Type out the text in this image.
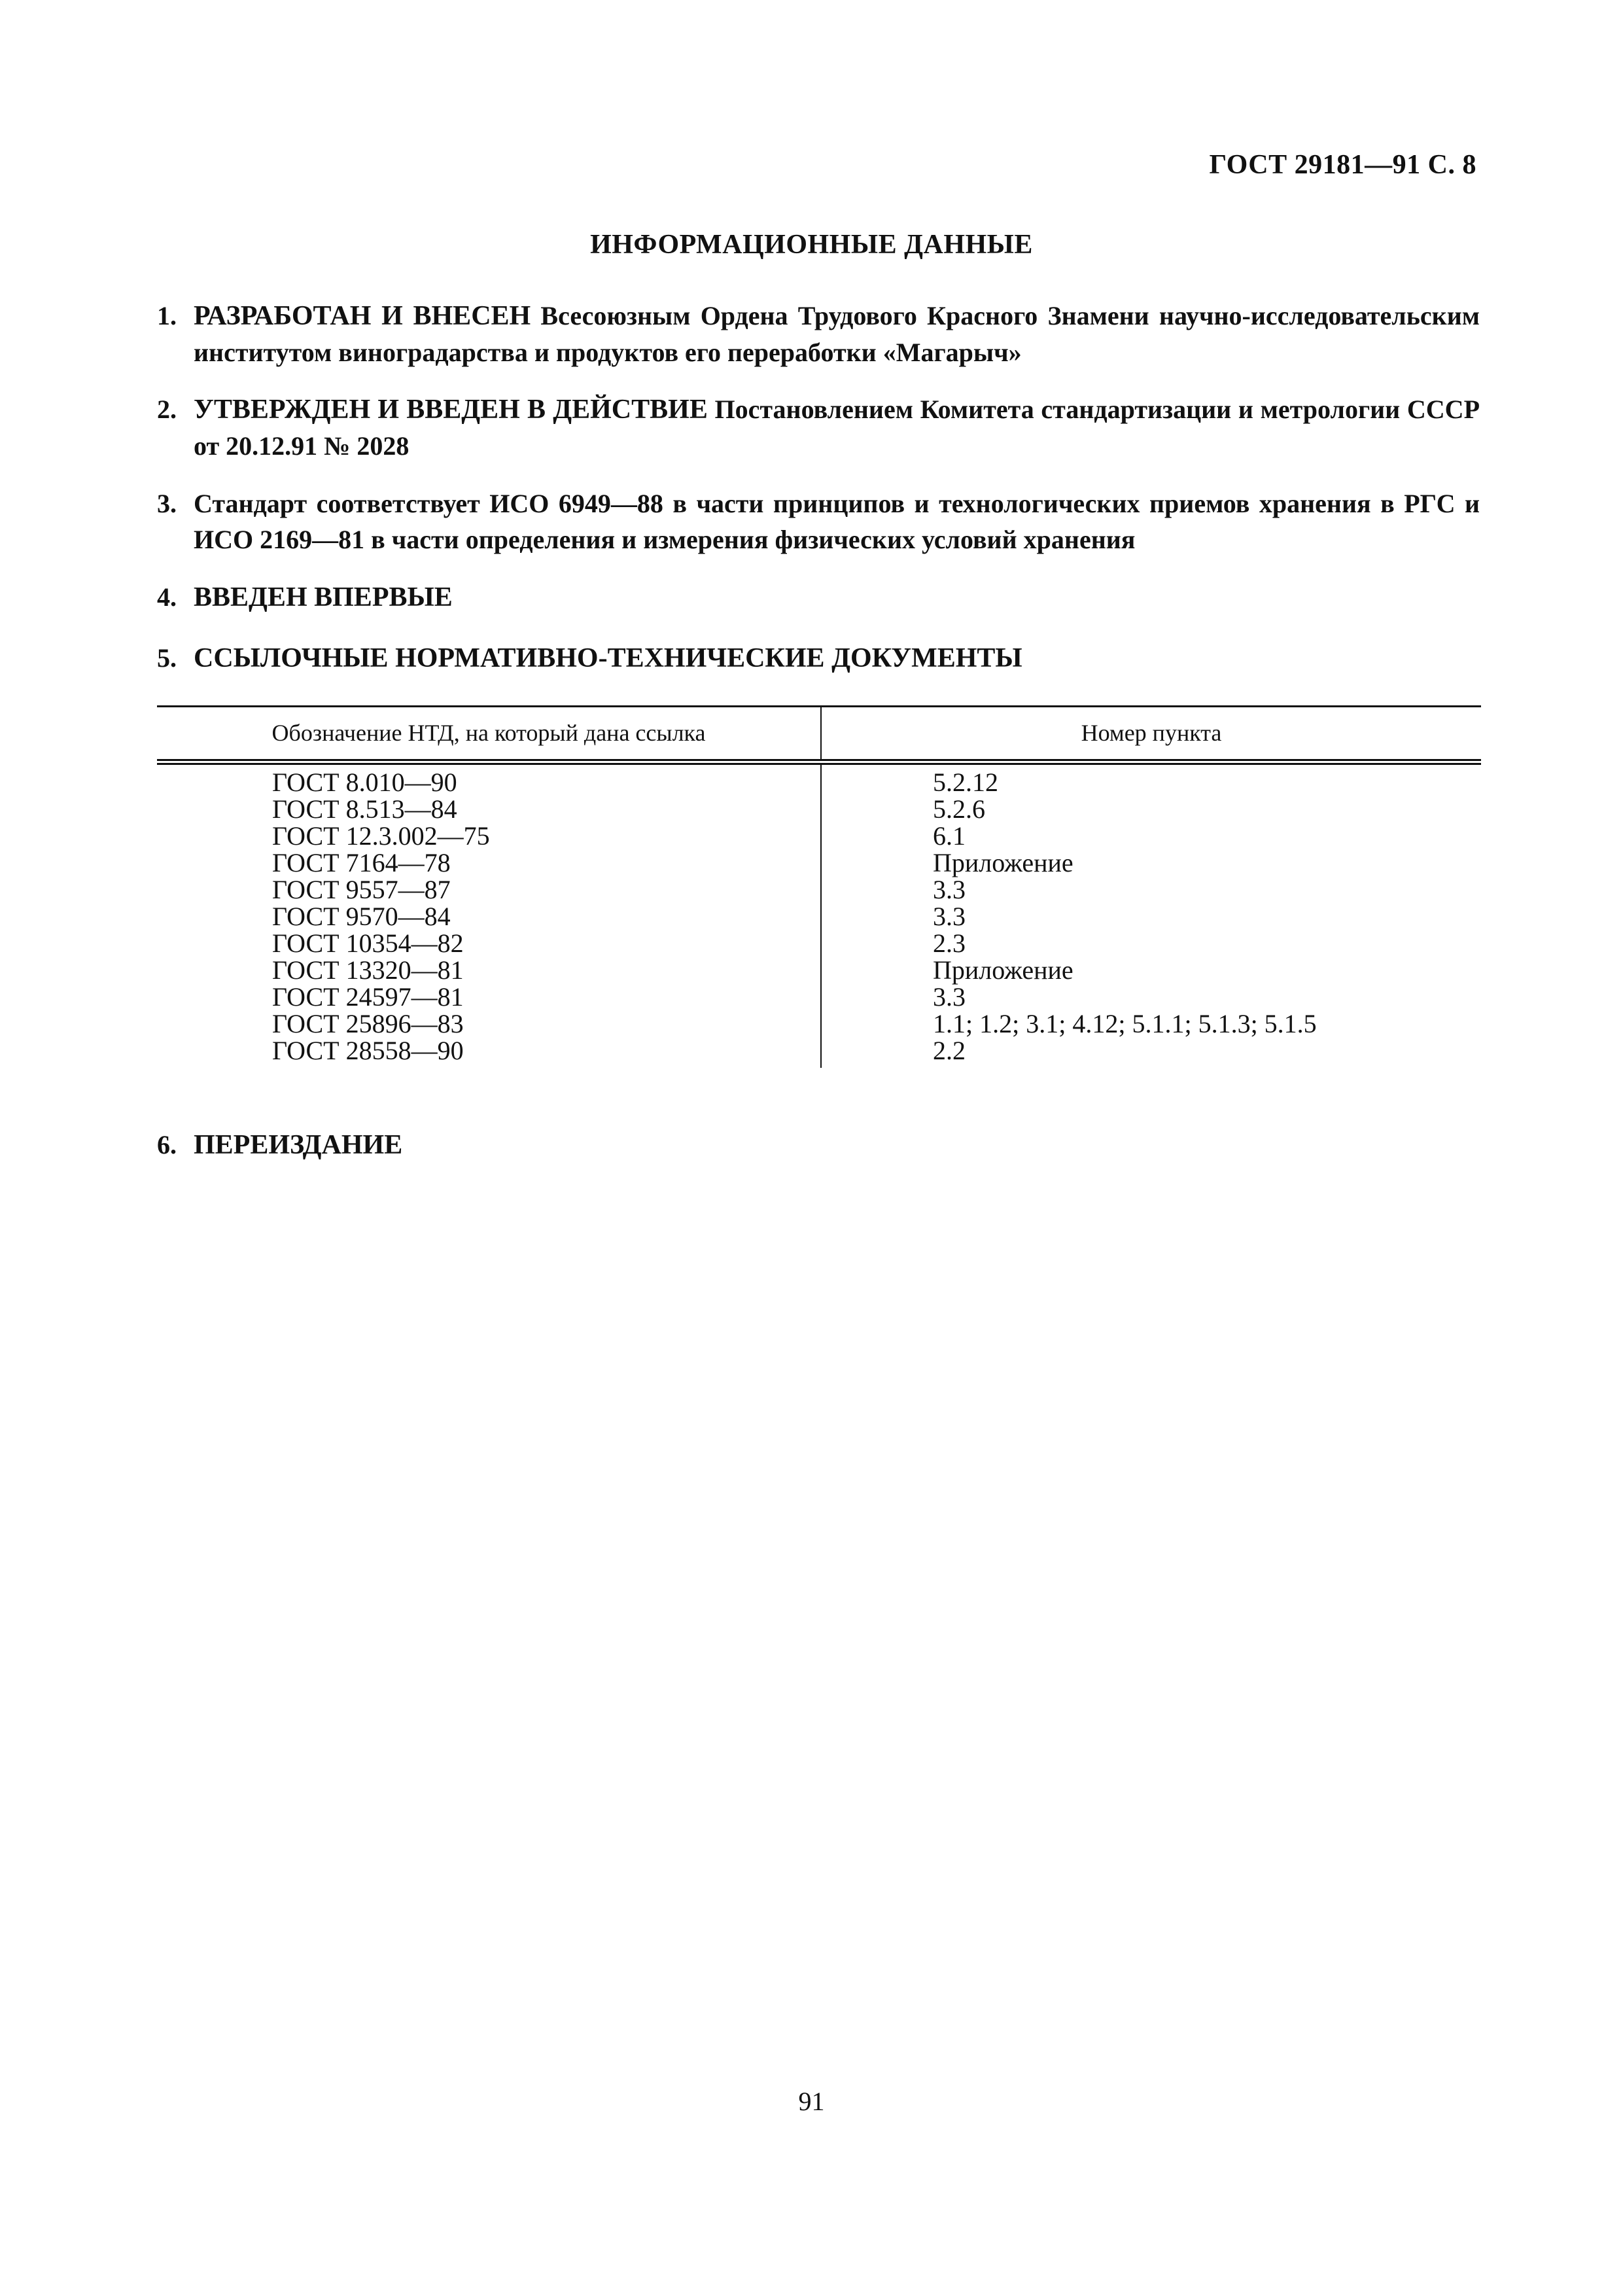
ГОСТ 29181—91 С. 8
ИНФОРМАЦИОННЫЕ ДАННЫЕ
1. РАЗРАБОТАН И ВНЕСЕН Всесоюзным Ордена Трудового Красного Знамени научно-исследовательским институтом виноградарства и продуктов его переработки «Магарыч»
2. УТВЕРЖДЕН И ВВЕДЕН В ДЕЙСТВИЕ Постановлением Комитета стандартизации и метрологии СССР от 20.12.91 № 2028
3. Стандарт соответствует ИСО 6949—88 в части принципов и технологических приемов хранения в РГС и ИСО 2169—81 в части определения и измерения физических условий хранения
4. ВВЕДЕН ВПЕРВЫЕ
5. ССЫЛОЧНЫЕ НОРМАТИВНО-ТЕХНИЧЕСКИЕ ДОКУМЕНТЫ
Обозначение НТД, на который дана ссылка	Номер пункта
ГОСТ 8.010—90	5.2.12
ГОСТ 8.513—84	5.2.6
ГОСТ 12.3.002—75	6.1
ГОСТ 7164—78	Приложение
ГОСТ 9557—87	3.3
ГОСТ 9570—84	3.3
ГОСТ 10354—82	2.3
ГОСТ 13320—81	Приложение
ГОСТ 24597—81	3.3
ГОСТ 25896—83	1.1; 1.2; 3.1; 4.12; 5.1.1; 5.1.3; 5.1.5
ГОСТ 28558—90	2.2
6. ПЕРЕИЗДАНИЕ
91
